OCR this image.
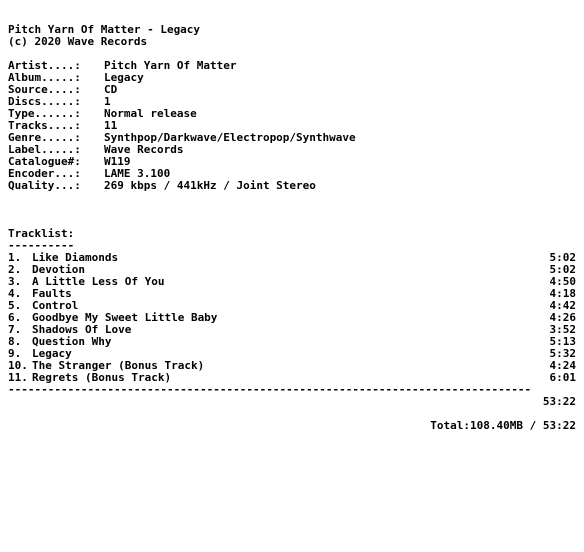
Pitch Yarn Of Matter - Legacy
(c) 2020 Wave Records
Artist....:	Pitch Yarn Of Matter
Album.....:	Legacy
Source....:	CD
Discs.....:	1
Type......:	Normal release
Tracks....:	11
Genre.....:	Synthpop/Darkwave/Electropop/Synthwave
Label.....:	Wave Records
Catalogue#:	W119
Encoder...:	LAME 3.100
Quality...:	269 kbps / 441kHz / Joint Stereo
Tracklist:
----------
1. Like Diamonds	5:02
2. Devotion	5:02
3. A Little Less Of You	4:50
4. Faults	4:18
5. Control	4:42
6. Goodbye My Sweet Little Baby	4:26
7. Shadows Of Love	3:52
8. Question Why	5:13
9. Legacy	5:32
10. The Stranger (Bonus Track)	4:24
11. Regrets (Bonus Track)	6:01
-------------------------------------------------------------------------------
53:22
Total:108.40MB / 53:22
